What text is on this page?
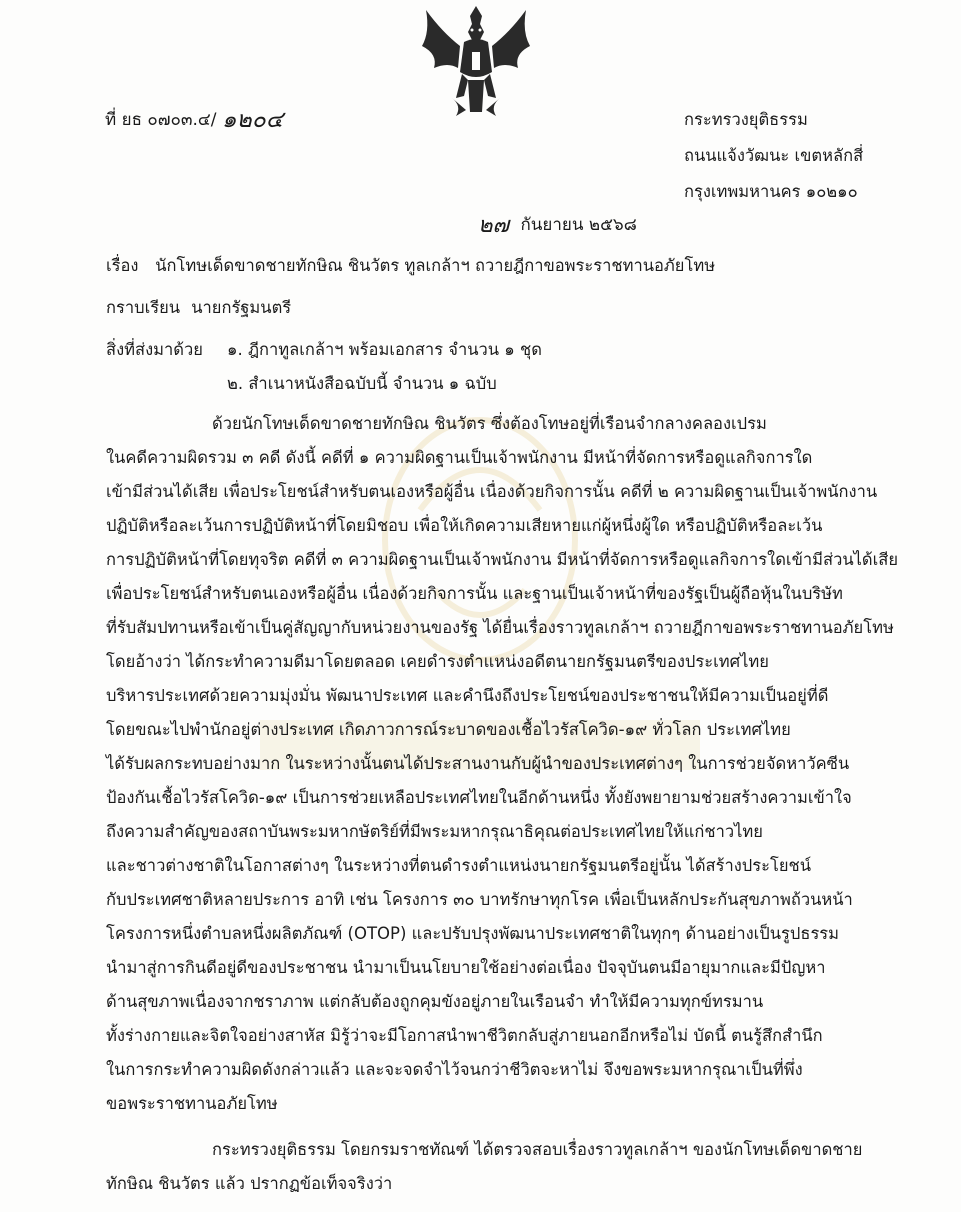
ที่ ยธ ๐๗๐๓.๔/ ๑๒๐๔	กระทรวงยุติธรรม
ถนนแจ้งวัฒนะ เขตหลักสี่
กรุงเทพมหานคร ๑๐๒๑๐
๒๗ กันยายน ๒๕๖๘
เรื่อง นักโทษเด็ดขาดชายทักษิณ ชินวัตร ทูลเกล้าฯ ถวายฎีกาขอพระราชทานอภัยโทษ
กราบเรียน นายกรัฐมนตรี
สิ่งที่ส่งมาด้วย ๑. ฎีกาทูลเกล้าฯ พร้อมเอกสาร จำนวน ๑ ชุด
๒. สำเนาหนังสือฉบับนี้ จำนวน ๑ ฉบับ
ด้วยนักโทษเด็ดขาดชายทักษิณ ชินวัตร ซึ่งต้องโทษอยู่ที่เรือนจำกลางคลองเปรม
ในคดีความผิดรวม ๓ คดี ดังนี้ คดีที่ ๑ ความผิดฐานเป็นเจ้าพนักงาน มีหน้าที่จัดการหรือดูแลกิจการใด
เข้ามีส่วนได้เสีย เพื่อประโยชน์สำหรับตนเองหรือผู้อื่น เนื่องด้วยกิจการนั้น คดีที่ ๒ ความผิดฐานเป็นเจ้าพนักงาน
ปฏิบัติหรือละเว้นการปฏิบัติหน้าที่โดยมิชอบ เพื่อให้เกิดความเสียหายแก่ผู้หนึ่งผู้ใด หรือปฏิบัติหรือละเว้น
การปฏิบัติหน้าที่โดยทุจริต คดีที่ ๓ ความผิดฐานเป็นเจ้าพนักงาน มีหน้าที่จัดการหรือดูแลกิจการใดเข้ามีส่วนได้เสีย
เพื่อประโยชน์สำหรับตนเองหรือผู้อื่น เนื่องด้วยกิจการนั้น และฐานเป็นเจ้าหน้าที่ของรัฐเป็นผู้ถือหุ้นในบริษัท
ที่รับสัมปทานหรือเข้าเป็นคู่สัญญากับหน่วยงานของรัฐ ได้ยื่นเรื่องราวทูลเกล้าฯ ถวายฎีกาขอพระราชทานอภัยโทษ
โดยอ้างว่า ได้กระทำความดีมาโดยตลอด เคยดำรงตำแหน่งอดีตนายกรัฐมนตรีของประเทศไทย
บริหารประเทศด้วยความมุ่งมั่น พัฒนาประเทศ และคำนึงถึงประโยชน์ของประชาชนให้มีความเป็นอยู่ที่ดี
โดยขณะไปพำนักอยู่ต่างประเทศ เกิดภาวการณ์ระบาดของเชื้อไวรัสโควิด-๑๙ ทั่วโลก ประเทศไทย
ได้รับผลกระทบอย่างมาก ในระหว่างนั้นตนได้ประสานงานกับผู้นำของประเทศต่างๆ ในการช่วยจัดหาวัคซีน
ป้องกันเชื้อไวรัสโควิด-๑๙ เป็นการช่วยเหลือประเทศไทยในอีกด้านหนึ่ง ทั้งยังพยายามช่วยสร้างความเข้าใจ
ถึงความสำคัญของสถาบันพระมหากษัตริย์ที่มีพระมหากรุณาธิคุณต่อประเทศไทยให้แก่ชาวไทย
และชาวต่างชาติในโอกาสต่างๆ ในระหว่างที่ตนดำรงตำแหน่งนายกรัฐมนตรีอยู่นั้น ได้สร้างประโยชน์
กับประเทศชาติหลายประการ อาทิ เช่น โครงการ ๓๐ บาทรักษาทุกโรค เพื่อเป็นหลักประกันสุขภาพถ้วนหน้า
โครงการหนึ่งตำบลหนึ่งผลิตภัณฑ์ (OTOP) และปรับปรุงพัฒนาประเทศชาติในทุกๆ ด้านอย่างเป็นรูปธรรม
นำมาสู่การกินดีอยู่ดีของประชาชน นำมาเป็นนโยบายใช้อย่างต่อเนื่อง ปัจจุบันตนมีอายุมากและมีปัญหา
ด้านสุขภาพเนื่องจากชราภาพ แต่กลับต้องถูกคุมขังอยู่ภายในเรือนจำ ทำให้มีความทุกข์ทรมาน
ทั้งร่างกายและจิตใจอย่างสาหัส มิรู้ว่าจะมีโอกาสนำพาชีวิตกลับสู่ภายนอกอีกหรือไม่ บัดนี้ ตนรู้สึกสำนึก
ในการกระทำความผิดดังกล่าวแล้ว และจะจดจำไว้จนกว่าชีวิตจะหาไม่ จึงขอพระมหากรุณาเป็นที่พึ่ง
ขอพระราชทานอภัยโทษ
กระทรวงยุติธรรม โดยกรมราชทัณฑ์ ได้ตรวจสอบเรื่องราวทูลเกล้าฯ ของนักโทษเด็ดขาดชาย
ทักษิณ ชินวัตร แล้ว ปรากฏข้อเท็จจริงว่า
